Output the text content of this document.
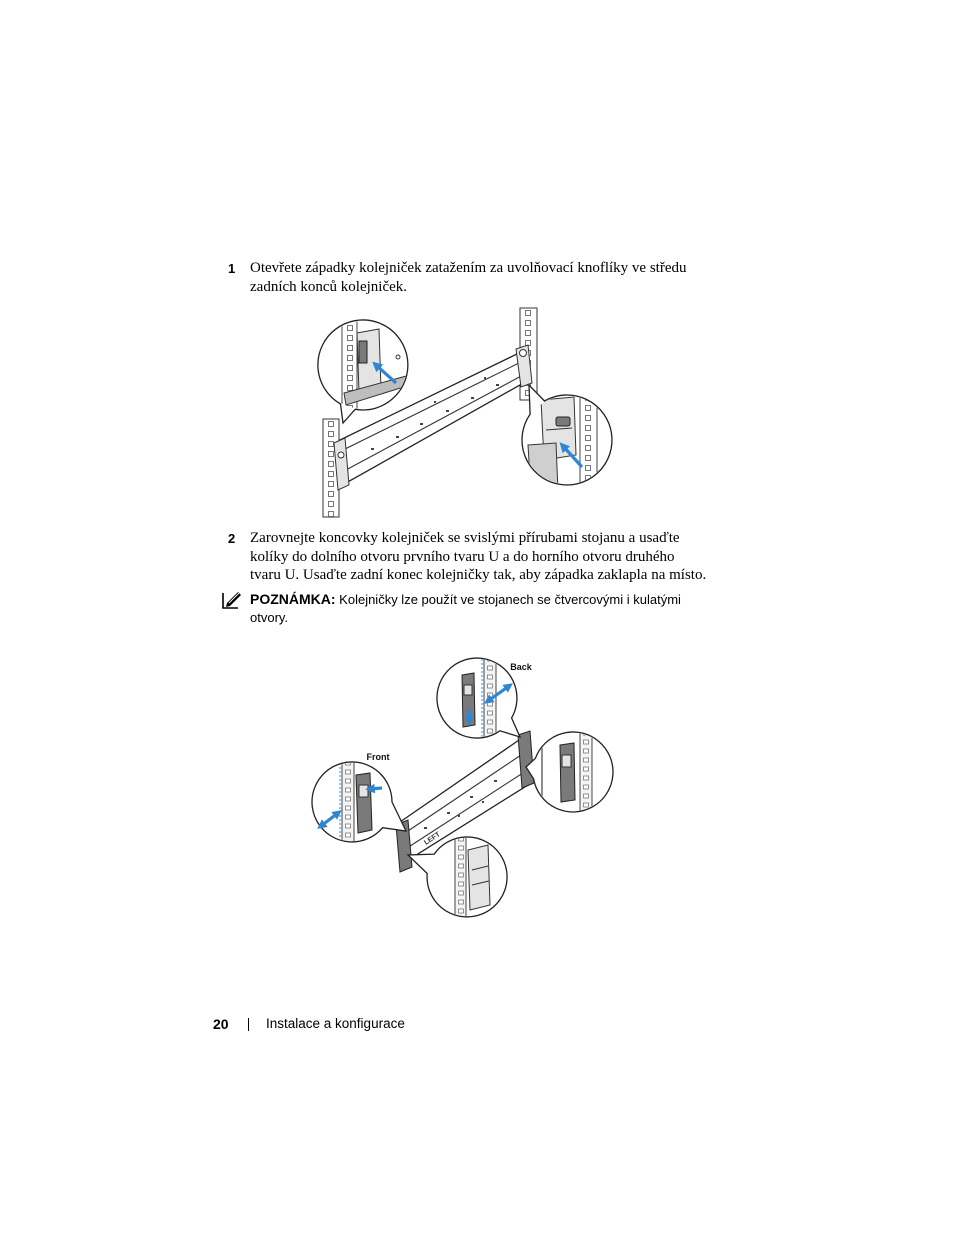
1 Otevřete západky kolejniček zatažením za uvolňovací knoflíky ve středu
zadních konců kolejniček.
2 Zarovnejte koncovky kolejniček se svislými přírubami stojanu a usaďte
kolíky do dolního otvoru prvního tvaru U a do horního otvoru druhého
tvaru U. Usaďte zadní konec kolejničky tak, aby západka zaklapla na místo.
POZNÁMKA: Kolejničky lze použít ve stojanech se čtvercovými i kulatými
otvory.
LEFT
Back
Front
20	Instalace a konfigurace
